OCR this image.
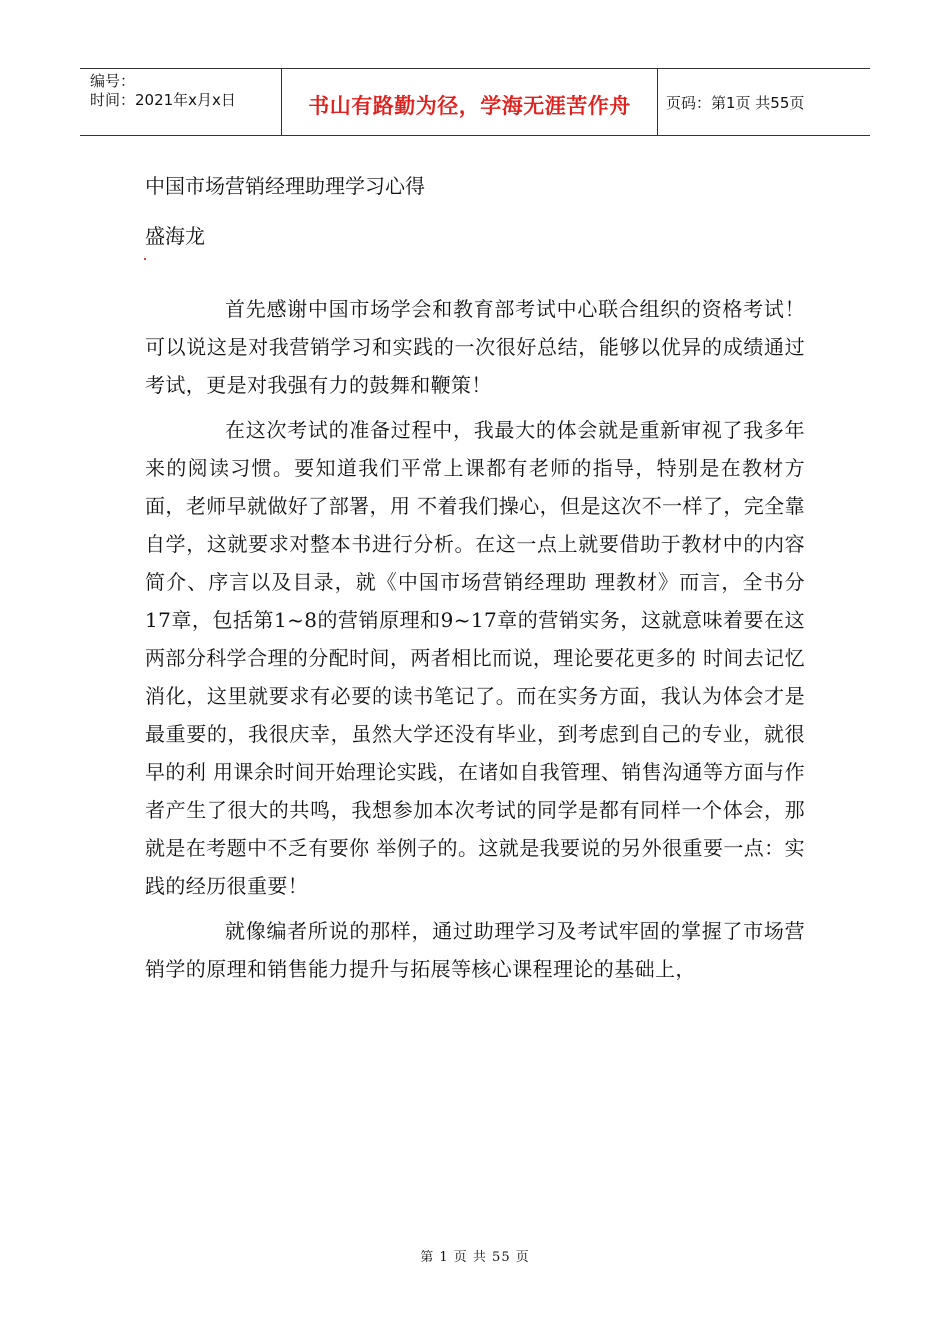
编号：
时间：2021年x月x日	书山有路勤为径，学海无涯苦作舟 页码：第1页 共55页
中国市场营销经理助理学习心得
盛海龙

首先感谢中国市场学会和教育部考试中心联合组织的资格考试！可以说这是对我营销学习和实践的一次很好总结，能够以优异的成绩通过考试，更是对我强有力的鼓舞和鞭策！

在这次考试的准备过程中，我最大的体会就是重新审视了我多年来的阅读习惯。要知道我们平常上课都有老师的指导，特别是在教材方面，老师早就做好了部署，用 不着我们操心，但是这次不一样了，完全靠自学，这就要求对整本书进行分析。在这一点上就要借助于教材中的内容简介、序言以及目录，就《中国市场营销经理助 理教材》而言，全书分17章，包括第1~8的营销原理和9~17章的营销实务，这就意味着要在这两部分科学合理的分配时间，两者相比而说，理论要花更多的 时间去记忆消化，这里就要求有必要的读书笔记了。而在实务方面，我认为体会才是最重要的，我很庆幸，虽然大学还没有毕业，到考虑到自己的专业，就很早的利 用课余时间开始理论实践，在诸如自我管理、销售沟通等方面与作者产生了很大的共鸣，我想参加本次考试的同学是都有同样一个体会，那就是在考题中不乏有要你 举例子的。这就是我要说的另外很重要一点：实践的经历很重要！

就像编者所说的那样，通过助理学习及考试牢固的掌握了市场营销学的原理和销售能力提升与拓展等核心课程理论的基础上，

第 1 页 共 55 页
